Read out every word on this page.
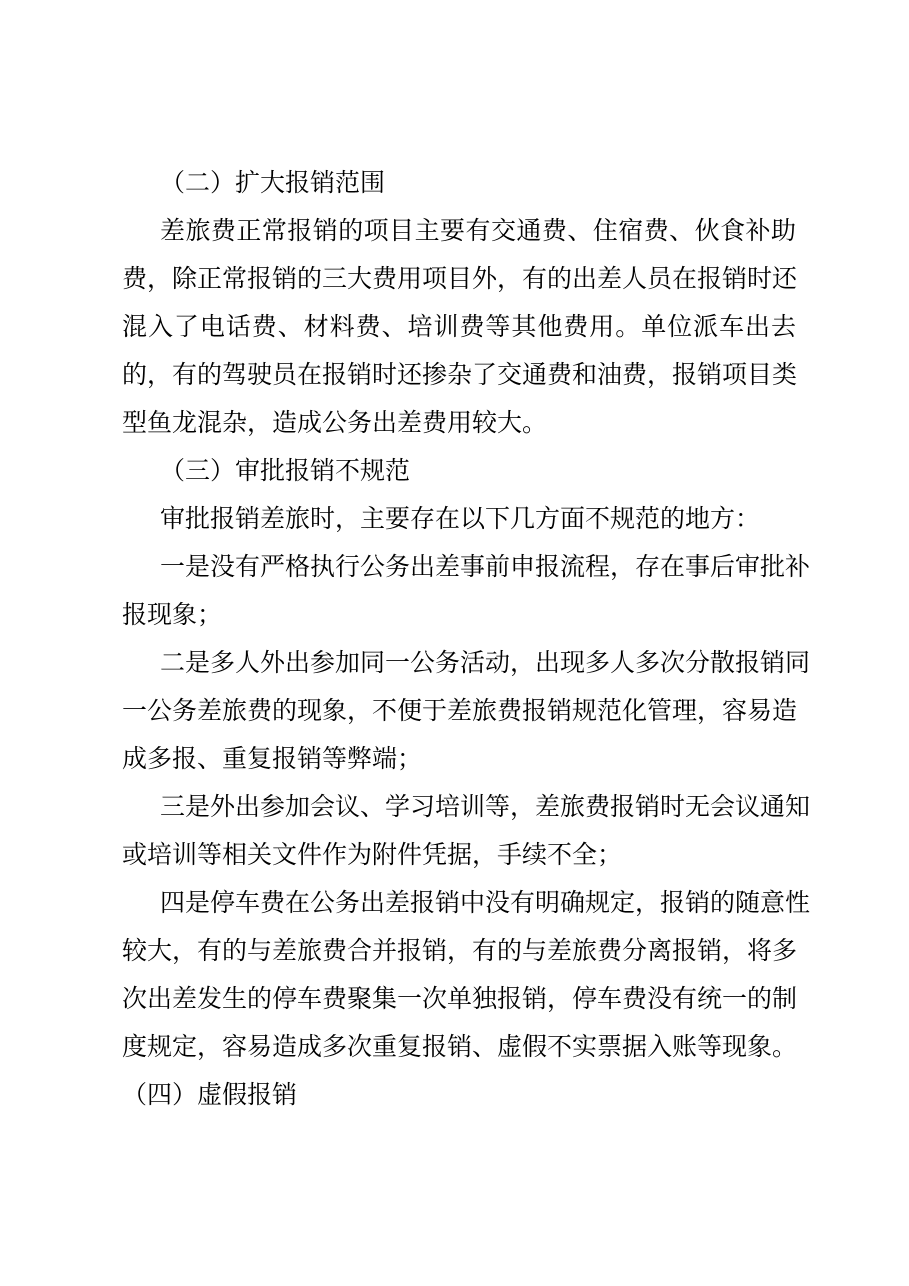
（二）扩大报销范围

差旅费正常报销的项目主要有交通费、住宿费、伙食补助

费，除正常报销的三大费用项目外，有的出差人员在报销时还

混入了电话费、材料费、培训费等其他费用。单位派车出去

的，有的驾驶员在报销时还掺杂了交通费和油费，报销项目类

型鱼龙混杂，造成公务出差费用较大。

（三）审批报销不规范

审批报销差旅时，主要存在以下几方面不规范的地方：

一是没有严格执行公务出差事前申报流程，存在事后审批补

报现象；

二是多人外出参加同一公务活动，出现多人多次分散报销同

一公务差旅费的现象，不便于差旅费报销规范化管理，容易造

成多报、重复报销等弊端；

三是外出参加会议、学习培训等，差旅费报销时无会议通知

或培训等相关文件作为附件凭据，手续不全；

四是停车费在公务出差报销中没有明确规定，报销的随意性

较大，有的与差旅费合并报销，有的与差旅费分离报销，将多

次出差发生的停车费聚集一次单独报销，停车费没有统一的制

度规定，容易造成多次重复报销、虚假不实票据入账等现象。

（四）虚假报销
